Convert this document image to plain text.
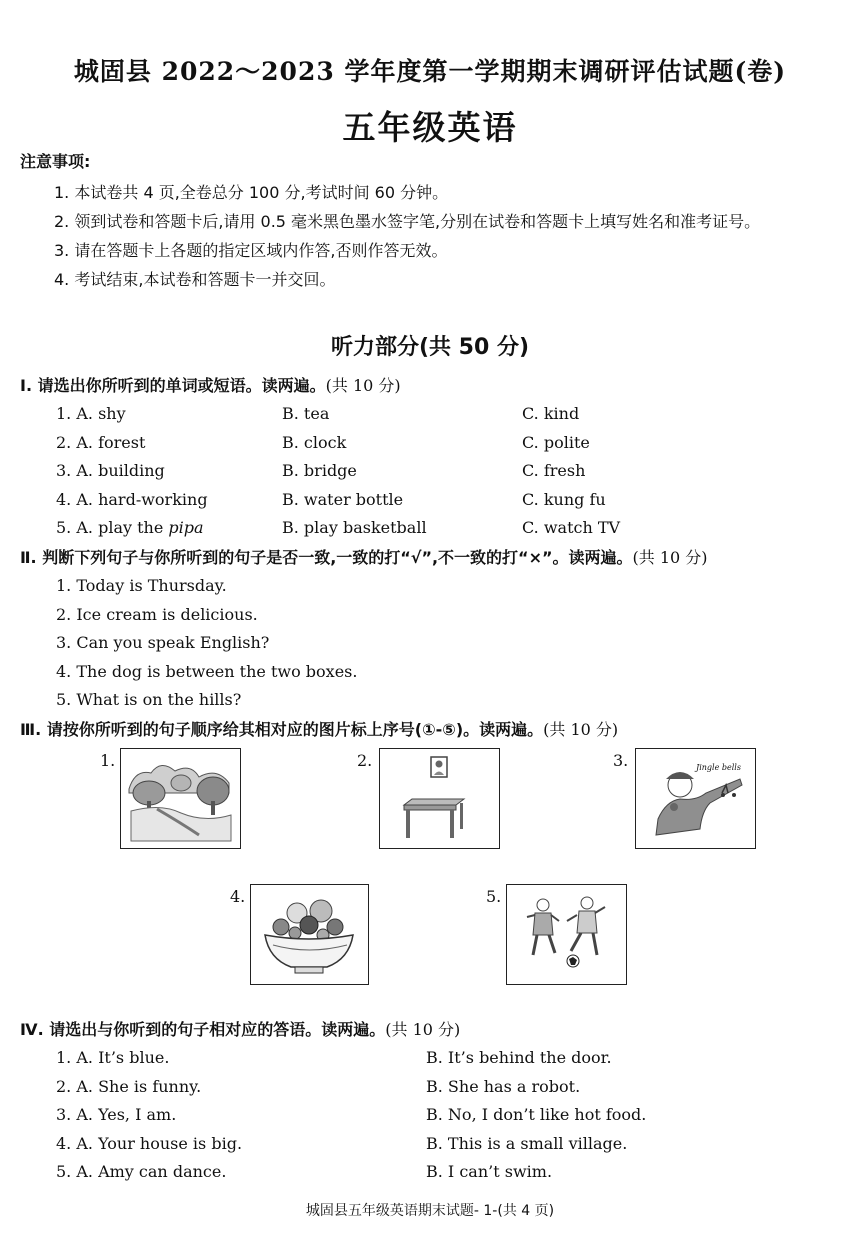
城固县 2022～2023 学年度第一学期期末调研评估试题(卷)
五年级英语
注意事项:
1. 本试卷共 4 页,全卷总分 100 分,考试时间 60 分钟。
2. 领到试卷和答题卡后,请用 0.5 毫米黑色墨水签字笔,分别在试卷和答题卡上填写姓名和准考证号。
3. 请在答题卡上各题的指定区域内作答,否则作答无效。
4. 考试结束,本试卷和答题卡一并交回。
听力部分(共 50 分)
Ⅰ. 请选出你所听到的单词或短语。读两遍。(共 10 分)
1. A. shy	B. tea	C. kind
2. A. forest	B. clock	C. polite
3. A. building	B. bridge	C. fresh
4. A. hard-working	B. water bottle	C. kung fu
5. A. play the pipa	B. play basketball	C. watch TV
Ⅱ. 判断下列句子与你所听到的句子是否一致,一致的打“√”,不一致的打“×”。读两遍。(共 10 分)
1. Today is Thursday.
2. Ice cream is delicious.
3. Can you speak English?
4. The dog is between the two boxes.
5. What is on the hills?
Ⅲ. 请按你所听到的句子顺序给其相对应的图片标上序号(①-⑤)。读两遍。(共 10 分)
1.	2.	3.	Jingle bells
4.	5.
Ⅳ. 请选出与你听到的句子相对应的答语。读两遍。(共 10 分)
1. A. It’s blue.	B. It’s behind the door.
2. A. She is funny.	B. She has a robot.
3. A. Yes, I am.	B. No, I don’t like hot food.
4. A. Your house is big.	B. This is a small village.
5. A. Amy can dance.	B. I can’t swim.
城固县五年级英语期末试题- 1-(共 4 页)
